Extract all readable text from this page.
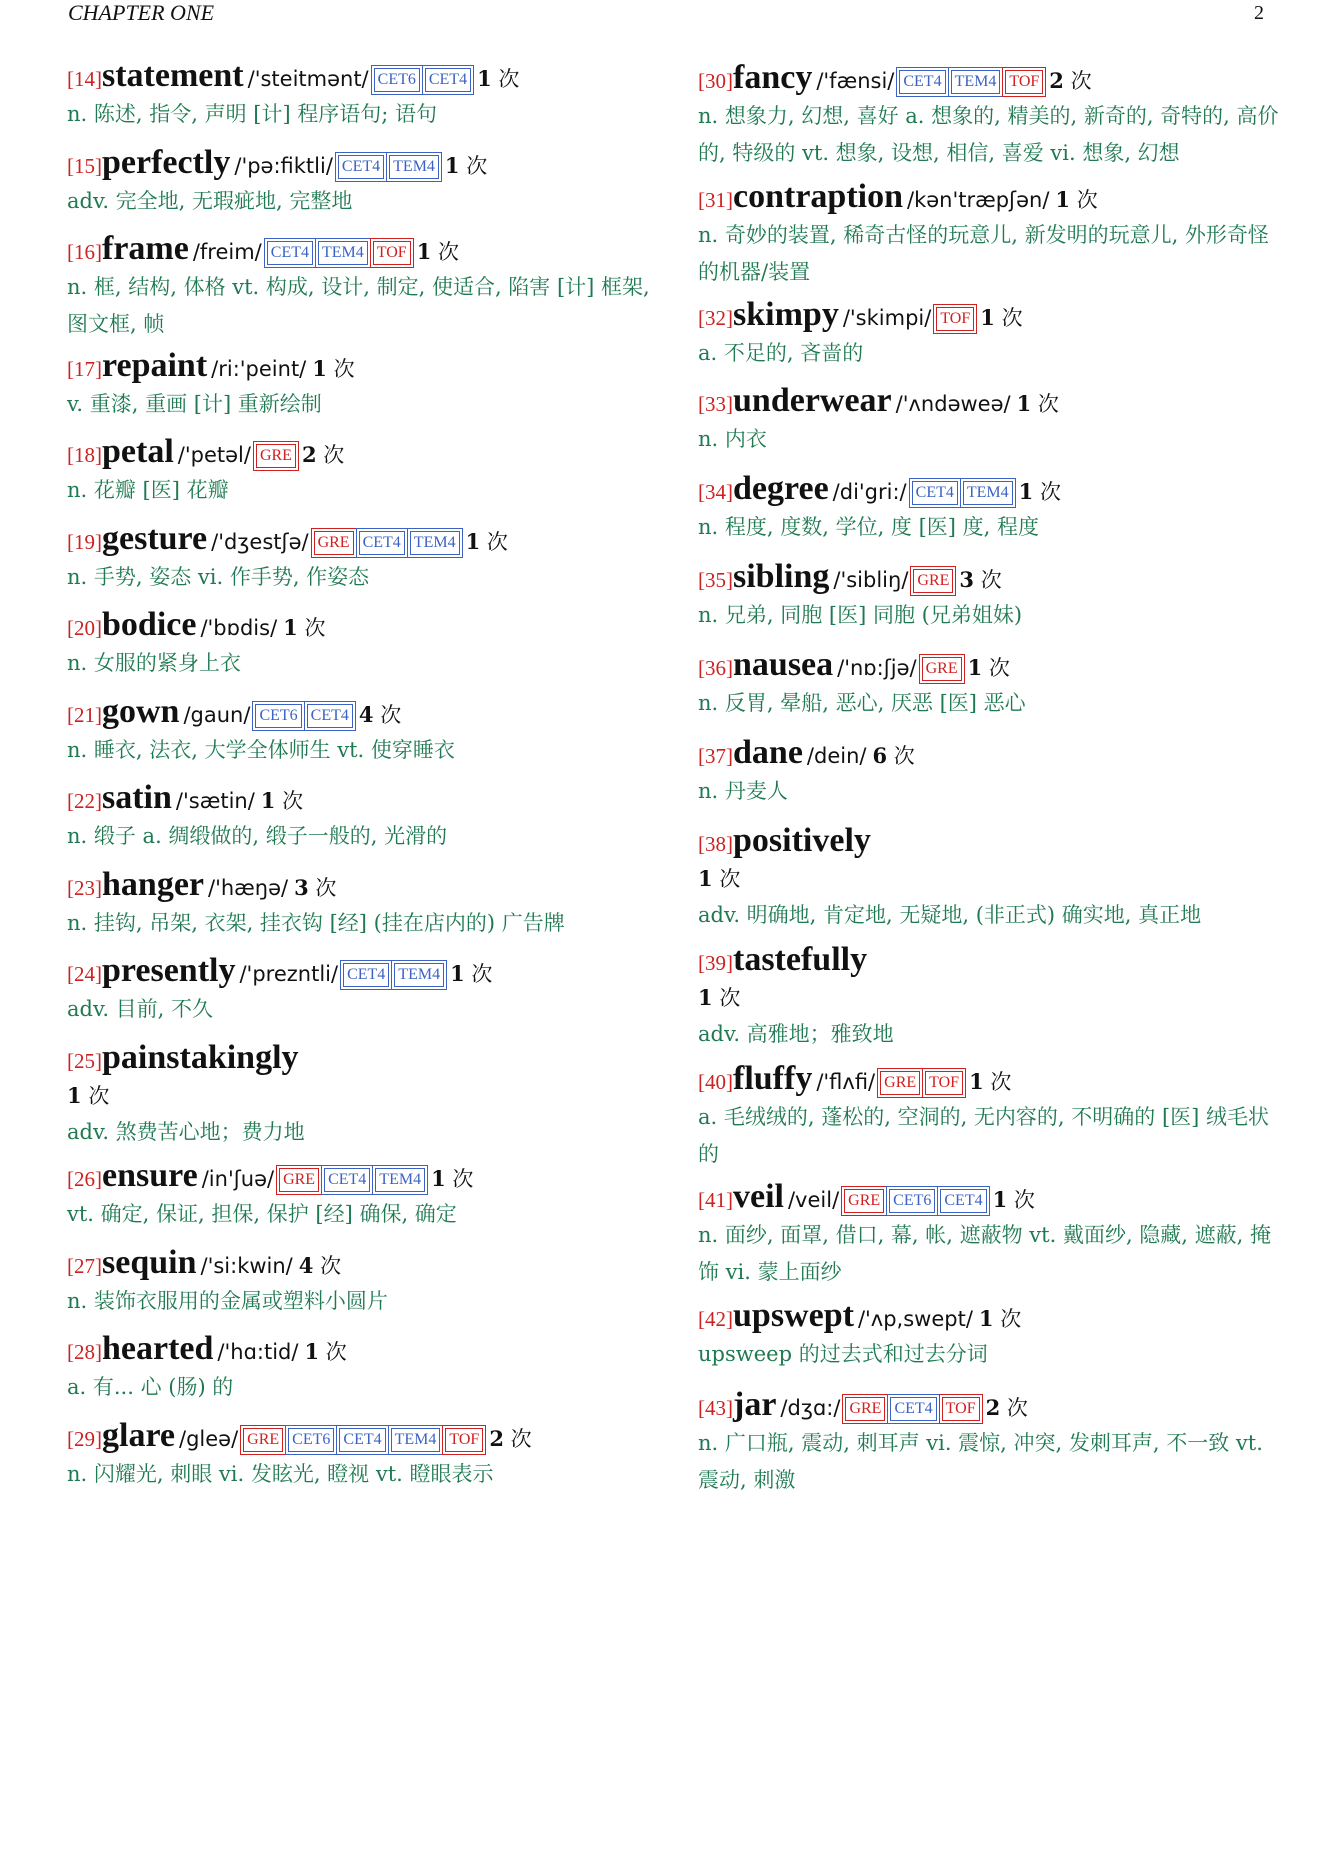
CHAPTER ONE	2
[14]statement /'steitmənt/ CET6 CET4 1 次
n. 陈述, 指令, 声明 [计] 程序语句; 语句
[15]perfectly /'pə:fiktli/ CET4 TEM4 1 次
adv. 完全地, 无瑕疵地, 完整地
[16]frame /freim/ CET4 TEM4 TOF 1 次
n. 框, 结构, 体格 vt. 构成, 设计, 制定, 使适合, 陷害 [计] 框架, 图文框, 帧
[17]repaint /ri:'peint/ 1 次
v. 重漆, 重画 [计] 重新绘制
[18]petal /'petəl/ GRE 2 次
n. 花瓣 [医] 花瓣
[19]gesture /'dʒestʃə/ GRE CET4 TEM4 1 次
n. 手势, 姿态 vi. 作手势, 作姿态
[20]bodice /'bɒdis/ 1 次
n. 女服的紧身上衣
[21]gown /gaun/ CET6 CET4 4 次
n. 睡衣, 法衣, 大学全体师生 vt. 使穿睡衣
[22]satin /'sætin/ 1 次
n. 缎子 a. 绸缎做的, 缎子一般的, 光滑的
[23]hanger /'hæŋə/ 3 次
n. 挂钩, 吊架, 衣架, 挂衣钩 [经] (挂在店内的) 广告牌
[24]presently /'prezntli/ CET4 TEM4 1 次
adv. 目前, 不久
[25]painstakingly
1 次
adv. 煞费苦心地；费力地
[26]ensure /in'ʃuə/ GRE CET4 TEM4 1 次
vt. 确定, 保证, 担保, 保护 [经] 确保, 确定
[27]sequin /'si:kwin/ 4 次
n. 装饰衣服用的金属或塑料小圆片
[28]hearted /'hɑ:tid/ 1 次
a. 有... 心 (肠) 的
[29]glare /gleə/ GRE CET6 CET4 TEM4 TOF 2 次
n. 闪耀光, 刺眼 vi. 发眩光, 瞪视 vt. 瞪眼表示
[30]fancy /'fænsi/ CET4 TEM4 TOF 2 次
n. 想象力, 幻想, 喜好 a. 想象的, 精美的, 新奇的, 奇特的, 高价的, 特级的 vt. 想象, 设想, 相信, 喜爱 vi. 想象, 幻想
[31]contraption /kən'træpʃən/ 1 次
n. 奇妙的装置, 稀奇古怪的玩意儿, 新发明的玩意儿, 外形奇怪的机器/装置
[32]skimpy /'skimpi/ TOF 1 次
a. 不足的, 吝啬的
[33]underwear /'ʌndəweə/ 1 次
n. 内衣
[34]degree /di'gri:/ CET4 TEM4 1 次
n. 程度, 度数, 学位, 度 [医] 度, 程度
[35]sibling /'sibliŋ/ GRE 3 次
n. 兄弟, 同胞 [医] 同胞 (兄弟姐妹)
[36]nausea /'nɒ:ʃjə/ GRE 1 次
n. 反胃, 晕船, 恶心, 厌恶 [医] 恶心
[37]dane /dein/ 6 次
n. 丹麦人
[38]positively
1 次
adv. 明确地, 肯定地, 无疑地, (非正式) 确实地, 真正地
[39]tastefully
1 次
adv. 高雅地；雅致地
[40]fluffy /'flʌfi/ GRE TOF 1 次
a. 毛绒绒的, 蓬松的, 空洞的, 无内容的, 不明确的 [医] 绒毛状的
[41]veil /veil/ GRE CET6 CET4 1 次
n. 面纱, 面罩, 借口, 幕, 帐, 遮蔽物 vt. 戴面纱, 隐藏, 遮蔽, 掩饰 vi. 蒙上面纱
[42]upswept /'ʌp,swept/ 1 次
upsweep 的过去式和过去分词
[43]jar /dʒɑ:/ GRE CET4 TOF 2 次
n. 广口瓶, 震动, 刺耳声 vi. 震惊, 冲突, 发刺耳声, 不一致 vt. 震动, 刺激
